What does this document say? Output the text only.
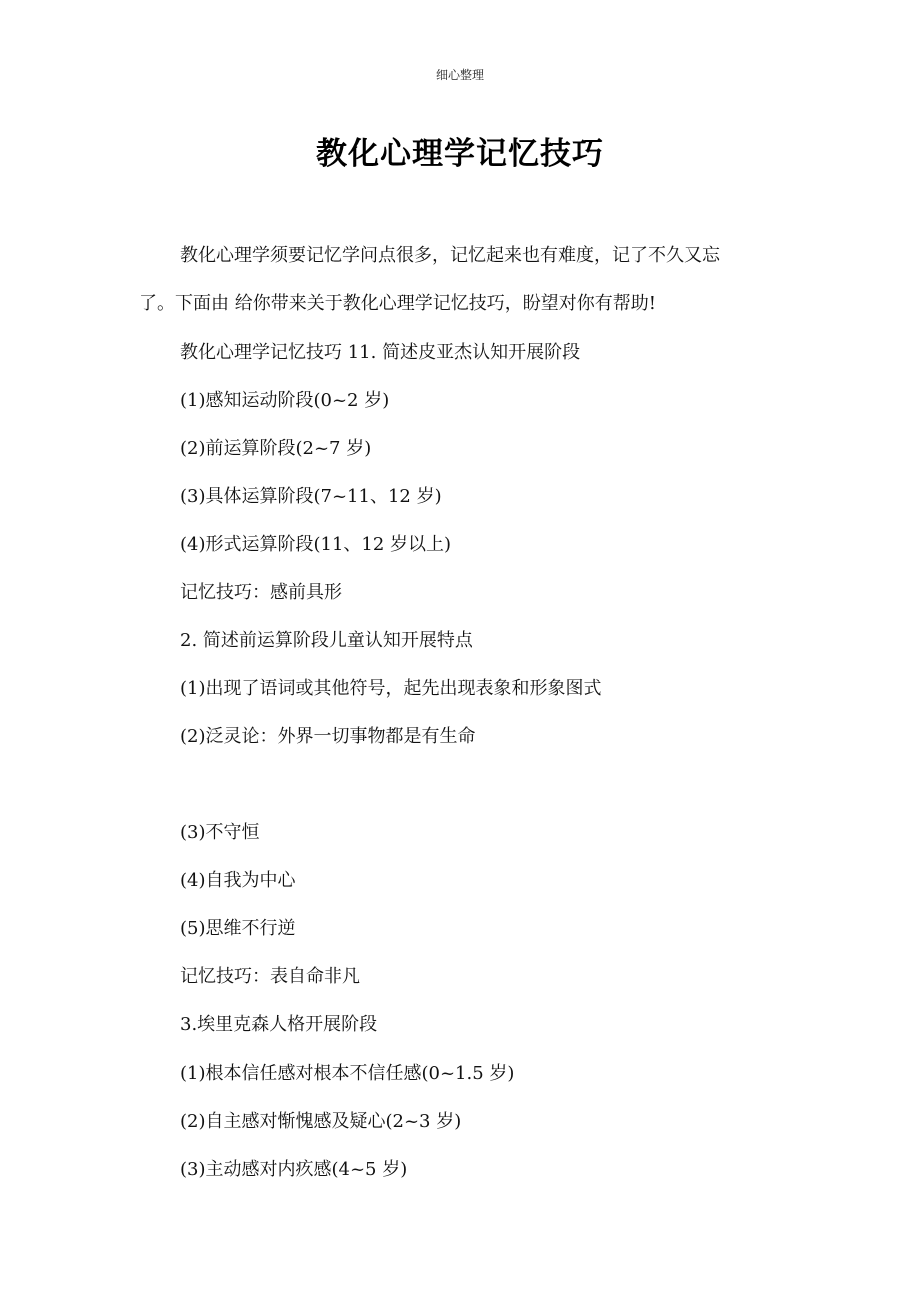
细心整理
教化心理学记忆技巧
教化心理学须要记忆学问点很多，记忆起来也有难度，记了不久又忘
了。下面由 给你带来关于教化心理学记忆技巧，盼望对你有帮助!
教化心理学记忆技巧 11. 简述皮亚杰认知开展阶段
(1)感知运动阶段(0~2 岁)
(2)前运算阶段(2~7 岁)
(3)具体运算阶段(7~11、12 岁)
(4)形式运算阶段(11、12 岁以上)
记忆技巧：感前具形
2. 简述前运算阶段儿童认知开展特点
(1)出现了语词或其他符号，起先出现表象和形象图式
(2)泛灵论：外界一切事物都是有生命
(3)不守恒
(4)自我为中心
(5)思维不行逆
记忆技巧：表自命非凡
3.埃里克森人格开展阶段
(1)根本信任感对根本不信任感(0~1.5 岁)
(2)自主感对惭愧感及疑心(2~3 岁)
(3)主动感对内疚感(4~5 岁)
